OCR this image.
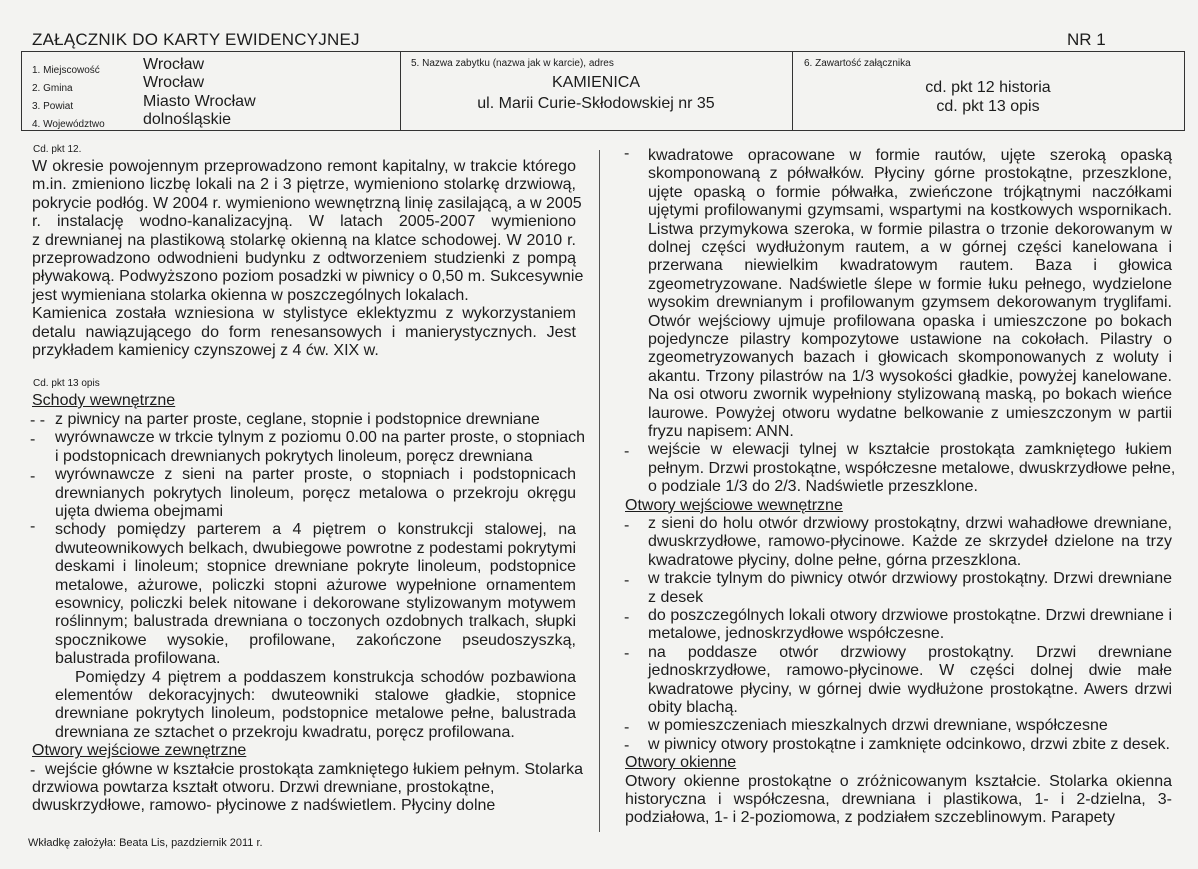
ZAŁĄCZNIK DO KARTY EWIDENCYJNEJ	NR 1
1. Miejscowość	Wrocław
2. Gmina	Wrocław
3. Powiat	Miasto Wrocław
4. Województwo dolnośląskie
5. Nazwa zabytku (nazwa jak w karcie), adres
KAMIENICA
ul. Marii Curie-Skłodowskiej nr 35
6. Zawartość załącznika
cd. pkt 12 historia
cd. pkt 13 opis
Cd. pkt 12.
W okresie powojennym przeprowadzono remont kapitalny, w trakcie którego
m.in. zmieniono liczbę lokali na 2 i 3 piętrze, wymieniono stolarkę drzwiową,
pokrycie podłóg. W 2004 r. wymieniono wewnętrzną linię zasilającą, a w 2005
r. instalację wodno-kanalizacyjną. W latach 2005-2007 wymieniono
z drewnianej na plastikową stolarkę okienną na klatce schodowej. W 2010 r.
przeprowadzono odwodnieni budynku z odtworzeniem studzienki z pompą
pływakową. Podwyższono poziom posadzki w piwnicy o 0,50 m. Sukcesywnie
jest wymieniana stolarka okienna w poszczególnych lokalach.
Kamienica została wzniesiona w stylistyce eklektyzmu z wykorzystaniem
detalu nawiązującego do form renesansowych i manierystycznych. Jest
przykładem kamienicy czynszowej z 4 ćw. XIX w.
Cd. pkt 13 opis
Schody wewnętrzne
- - z piwnicy na parter proste, ceglane, stopnie i podstopnice drewniane
- wyrównawcze w trkcie tylnym z poziomu 0.00 na parter proste, o stopniach
i podstopnicach drewnianych pokrytych linoleum, poręcz drewniana
- wyrównawcze z sieni na parter proste, o stopniach i podstopnicach
drewnianych pokrytych linoleum, poręcz metalowa o przekroju okręgu
ujęta dwiema obejmami
- schody pomiędzy parterem a 4 piętrem o konstrukcji stalowej, na
dwuteownikowych belkach, dwubiegowe powrotne z podestami pokrytymi
deskami i linoleum; stopnice drewniane pokryte linoleum, podstopnice
metalowe, ażurowe, policzki stopni ażurowe wypełnione ornamentem
esownicy, policzki belek nitowane i dekorowane stylizowanym motywem
roślinnym; balustrada drewniana o toczonych ozdobnych tralkach, słupki
spocznikowe wysokie, profilowane, zakończone pseudoszyszką,
balustrada profilowana.
Pomiędzy 4 piętrem a poddaszem konstrukcja schodów pozbawiona
elementów dekoracyjnych: dwuteowniki stalowe gładkie, stopnice
drewniane pokrytych linoleum, podstopnice metalowe pełne, balustrada
drewniana ze sztachet o przekroju kwadratu, poręcz profilowana.
Otwory wejściowe zewnętrzne
- wejście główne w kształcie prostokąta zamkniętego łukiem pełnym. Stolarka
drzwiowa powtarza kształt otworu. Drzwi drewniane, prostokątne,
dwuskrzydłowe, ramowo- płycinowe z nadświetlem. Płyciny dolne
Wkładkę założyła: Beata Lis, pazdziernik 2011 r.
- kwadratowe opracowane w formie rautów, ujęte szeroką opaską
skomponowaną z półwałków. Płyciny górne prostokątne, przeszklone,
ujęte opaską o formie półwałka, zwieńczone trójkątnymi naczółkami
ujętymi profilowanymi gzymsami, wspartymi na kostkowych wspornikach.
Listwa przymykowa szeroka, w formie pilastra o trzonie dekorowanym w
dolnej części wydłużonym rautem, a w górnej części kanelowana i
przerwana niewielkim kwadratowym rautem. Baza i głowica
zgeometryzowane. Nadświetle ślepe w formie łuku pełnego, wydzielone
wysokim drewnianym i profilowanym gzymsem dekorowanym tryglifami.
Otwór wejściowy ujmuje profilowana opaska i umieszczone po bokach
pojedyncze pilastry kompozytowe ustawione na cokołach. Pilastry o
zgeometryzowanych bazach i głowicach skomponowanych z woluty i
akantu. Trzony pilastrów na 1/3 wysokości gładkie, powyżej kanelowane.
Na osi otworu zwornik wypełniony stylizowaną maską, po bokach wieńce
laurowe. Powyżej otworu wydatne belkowanie z umieszczonym w partii
fryzu napisem: ANN.
- wejście w elewacji tylnej w kształcie prostokąta zamkniętego łukiem
pełnym. Drzwi prostokątne, współczesne metalowe, dwuskrzydłowe pełne,
o podziale 1/3 do 2/3. Nadświetle przeszklone.
Otwory wejściowe wewnętrzne
- z sieni do holu otwór drzwiowy prostokątny, drzwi wahadłowe drewniane,
dwuskrzydłowe, ramowo-płycinowe. Każde ze skrzydeł dzielone na trzy
kwadratowe płyciny, dolne pełne, górna przeszklona.
- w trakcie tylnym do piwnicy otwór drzwiowy prostokątny. Drzwi drewniane
z desek
- do poszczególnych lokali otwory drzwiowe prostokątne. Drzwi drewniane i
metalowe, jednoskrzydłowe współczesne.
- na poddasze otwór drzwiowy prostokątny. Drzwi drewniane
jednoskrzydłowe, ramowo-płycinowe. W części dolnej dwie małe
kwadratowe płyciny, w górnej dwie wydłużone prostokątne. Awers drzwi
obity blachą.
- w pomieszczeniach mieszkalnych drzwi drewniane, współczesne
- w piwnicy otwory prostokątne i zamknięte odcinkowo, drzwi zbite z desek.
Otwory okienne
Otwory okienne prostokątne o zróżnicowanym kształcie. Stolarka okienna
historyczna i współczesna, drewniana i plastikowa, 1- i 2-dzielna, 3-
podziałowa, 1- i 2-poziomowa, z podziałem szczeblinowym. Parapety
